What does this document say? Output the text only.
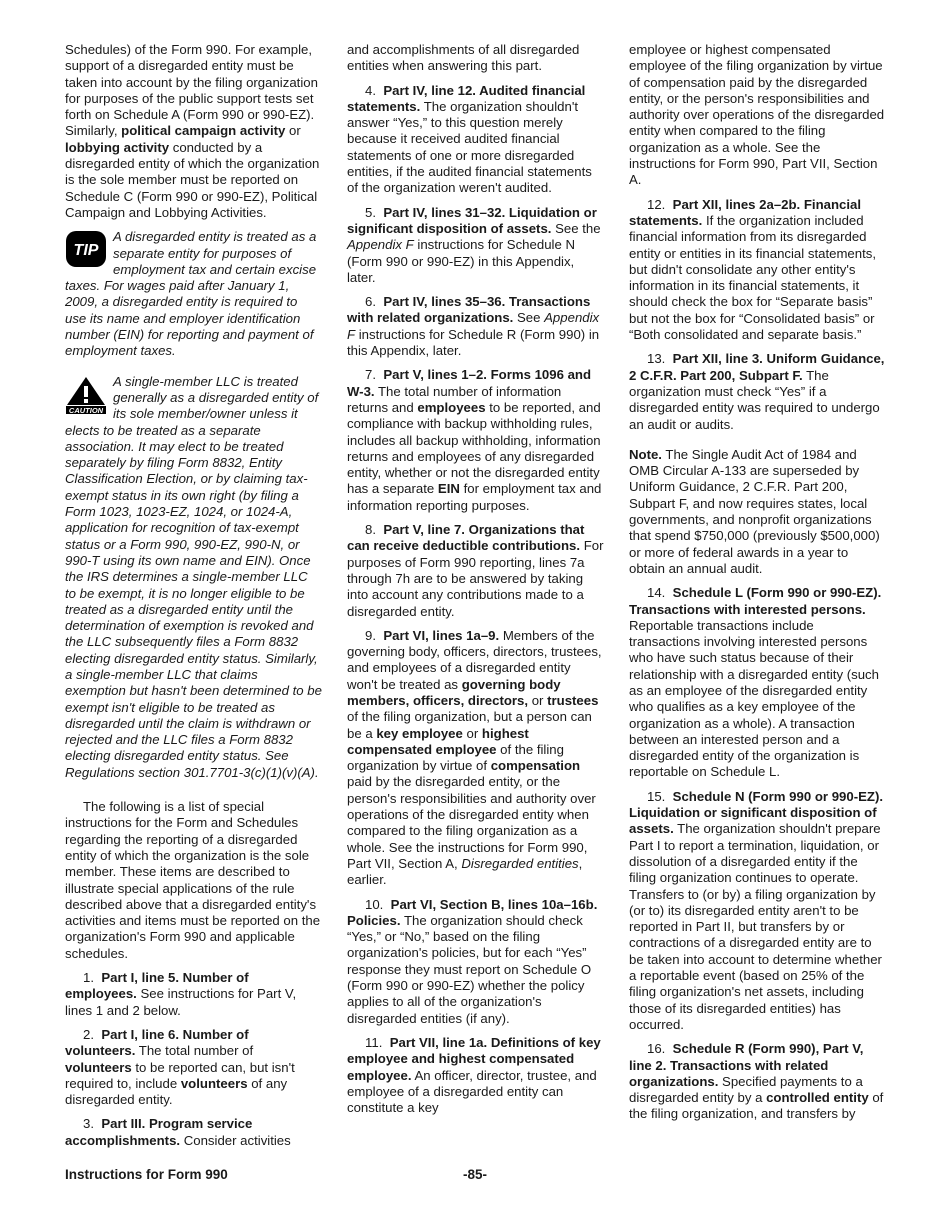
Schedules) of the Form 990. For example, support of a disregarded entity must be taken into account by the filing organization for purposes of the public support tests set forth on Schedule A (Form 990 or 990-EZ). Similarly, political campaign activity or lobbying activity conducted by a disregarded entity of which the organization is the sole member must be reported on Schedule C (Form 990 or 990-EZ), Political Campaign and Lobbying Activities.

TIP

A disregarded entity is treated as a separate entity for purposes of employment tax and certain excise taxes. For wages paid after January 1, 2009, a disregarded entity is required to use its name and employer identification number (EIN) for reporting and payment of employment taxes.

CAUTION

A single-member LLC is treated generally as a disregarded entity of its sole member/owner unless it elects to be treated as a separate association. It may elect to be treated separately by filing Form 8832, Entity Classification Election, or by claiming tax-exempt status in its own right (by filing a Form 1023, 1023-EZ, 1024, or 1024-A, application for recognition of tax-exempt status or a Form 990, 990-EZ, 990-N, or 990-T using its own name and EIN). Once the IRS determines a single-member LLC to be exempt, it is no longer eligible to be treated as a disregarded entity until the determination of exemption is revoked and the LLC subsequently files a Form 8832 electing disregarded entity status. Similarly, a single-member LLC that claims exemption but hasn't been determined to be exempt isn't eligible to be treated as disregarded until the claim is withdrawn or rejected and the LLC files a Form 8832 electing disregarded entity status. See Regulations section 301.7701-3(c)(1)(v)(A).

The following is a list of special instructions for the Form and Schedules regarding the reporting of a disregarded entity of which the organization is the sole member. These items are described to illustrate special applications of the rule described above that a disregarded entity's activities and items must be reported on the organization's Form 990 and applicable schedules.

1. Part I, line 5. Number of employees. See instructions for Part V, lines 1 and 2 below.

2. Part I, line 6. Number of volunteers. The total number of volunteers to be reported can, but isn't required to, include volunteers of any disregarded entity.

3. Part III. Program service accomplishments. Consider activities

and accomplishments of all disregarded entities when answering this part.

4. Part IV, line 12. Audited financial statements. The organization shouldn't answer “Yes,” to this question merely because it received audited financial statements of one or more disregarded entities, if the audited financial statements of the organization weren't audited.

5. Part IV, lines 31–32. Liquidation or significant disposition of assets. See the Appendix F instructions for Schedule N (Form 990 or 990-EZ) in this Appendix, later.

6. Part IV, lines 35–36. Transactions with related organizations. See Appendix F instructions for Schedule R (Form 990) in this Appendix, later.

7. Part V, lines 1–2. Forms 1096 and W-3. The total number of information returns and employees to be reported, and compliance with backup withholding rules, includes all backup withholding, information returns and employees of any disregarded entity, whether or not the disregarded entity has a separate EIN for employment tax and information reporting purposes.

8. Part V, line 7. Organizations that can receive deductible contributions. For purposes of Form 990 reporting, lines 7a through 7h are to be answered by taking into account any contributions made to a disregarded entity.

9. Part VI, lines 1a–9. Members of the governing body, officers, directors, trustees, and employees of a disregarded entity won't be treated as governing body members, officers, directors, or trustees of the filing organization, but a person can be a key employee or highest compensated employee of the filing organization by virtue of compensation paid by the disregarded entity, or the person's responsibilities and authority over operations of the disregarded entity when compared to the filing organization as a whole. See the instructions for Form 990, Part VII, Section A, Disregarded entities, earlier.

10. Part VI, Section B, lines 10a–16b. Policies. The organization should check “Yes,” or “No,” based on the filing organization's policies, but for each “Yes” response they must report on Schedule O (Form 990 or 990-EZ) whether the policy applies to all of the organization's disregarded entities (if any).

11. Part VII, line 1a. Definitions of key employee and highest compensated employee. An officer, director, trustee, and employee of a disregarded entity can constitute a key

employee or highest compensated employee of the filing organization by virtue of compensation paid by the disregarded entity, or the person's responsibilities and authority over operations of the disregarded entity when compared to the filing organization as a whole. See the instructions for Form 990, Part VII, Section A.

12. Part XII, lines 2a–2b. Financial statements. If the organization included financial information from its disregarded entity or entities in its financial statements, but didn't consolidate any other entity's information in its financial statements, it should check the box for “Separate basis” but not the box for “Consolidated basis” or “Both consolidated and separate basis.”

13. Part XII, line 3. Uniform Guidance, 2 C.F.R. Part 200, Subpart F. The organization must check “Yes” if a disregarded entity was required to undergo an audit or audits.

Note. The Single Audit Act of 1984 and OMB Circular A-133 are superseded by Uniform Guidance, 2 C.F.R. Part 200, Subpart F, and now requires states, local governments, and nonprofit organizations that spend $750,000 (previously $500,000) or more of federal awards in a year to obtain an annual audit.

14. Schedule L (Form 990 or 990-EZ). Transactions with interested persons. Reportable transactions include transactions involving interested persons who have such status because of their relationship with a disregarded entity (such as an employee of the disregarded entity who qualifies as a key employee of the organization as a whole). A transaction between an interested person and a disregarded entity of the organization is reportable on Schedule L.

15. Schedule N (Form 990 or 990-EZ). Liquidation or significant disposition of assets. The organization shouldn't prepare Part I to report a termination, liquidation, or dissolution of a disregarded entity if the filing organization continues to operate. Transfers to (or by) a filing organization by (or to) its disregarded entity aren't to be reported in Part II, but transfers by or contractions of a disregarded entity are to be taken into account to determine whether a reportable event (based on 25% of the filing organization's net assets, including those of its disregarded entities) has occurred.

16. Schedule R (Form 990), Part V, line 2. Transactions with related organizations. Specified payments to a disregarded entity by a controlled entity of the filing organization, and transfers by

Instructions for Form 990	-85-
